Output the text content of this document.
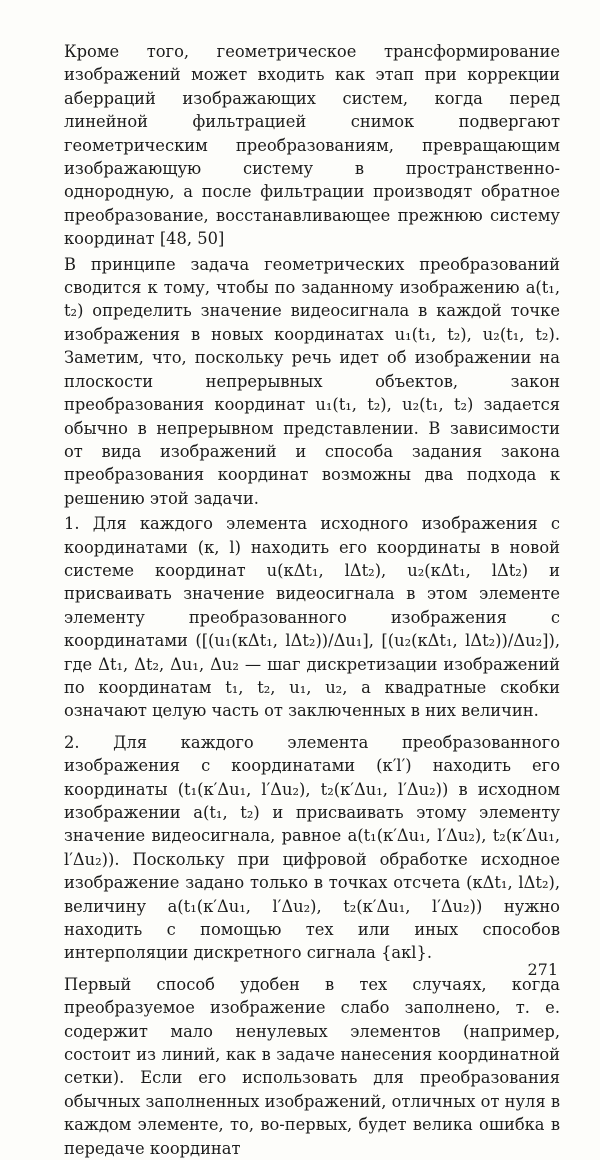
Кроме того, геометрическое трансформирование изображений может входить как этап при коррекции аберраций изображающих систем, когда перед линейной фильтрацией снимок подвергают геометрическим преобразованиям, превращающим изображающую систему в пространственно-однородную, а после фильтрации производят обратное преобразование, восстанавливающее прежнюю систему координат [48, 50]

В принципе задача геометрических преобразований сводится к тому, чтобы по заданному изображению a(t₁, t₂) определить значение видеосигнала в каждой точке изображения в новых координатах u₁(t₁, t₂), u₂(t₁, t₂). Заметим, что, поскольку речь идет об изображении на плоскости непрерывных объектов, закон преобразования координат u₁(t₁, t₂), u₂(t₁, t₂) задается обычно в непрерывном представлении. В зависимости от вида изображений и способа задания закона преобразования координат возможны два подхода к решению этой задачи.

1. Для каждого элемента исходного изображения с координатами (к, l) находить его координаты в новой системе координат u(кΔt₁, lΔt₂), u₂(кΔt₁, lΔt₂) и присваивать значение видеосигнала в этом элементе элементу преобразованного изображения с координатами ([(u₁(кΔt₁, lΔt₂))/Δu₁], [(u₂(кΔt₁, lΔt₂))/Δu₂]), где Δt₁, Δt₂, Δu₁, Δu₂ — шаг дискретизации изображений по координатам t₁, t₂, u₁, u₂, а квадратные скобки означают целую часть от заключенных в них величин.

2. Для каждого элемента преобразованного изображения с координатами (к′l′) находить его координаты (t₁(к′Δu₁, l′Δu₂), t₂(к′Δu₁, l′Δu₂)) в исходном изображении a(t₁, t₂) и присваивать этому элементу значение видеосигнала, равное a(t₁(к′Δu₁, l′Δu₂), t₂(к′Δu₁, l′Δu₂)). Поскольку при цифровой обработке исходное изображение задано только в точках отсчета (кΔt₁, lΔt₂), величину a(t₁(к′Δu₁, l′Δu₂), t₂(к′Δu₁, l′Δu₂)) нужно находить с помощью тех или иных способов интерполяции дискретного сигнала {aкl}.

Первый способ удобен в тех случаях, когда преобразуемое изображение слабо заполнено, т. е. содержит мало ненулевых элементов (например, состоит из линий, как в задаче нанесения координатной сетки). Если его использовать для преобразования обычных заполненных изображений, отличных от нуля в каждом элементе, то, во-первых, будет велика ошибка в передаче координат

271
